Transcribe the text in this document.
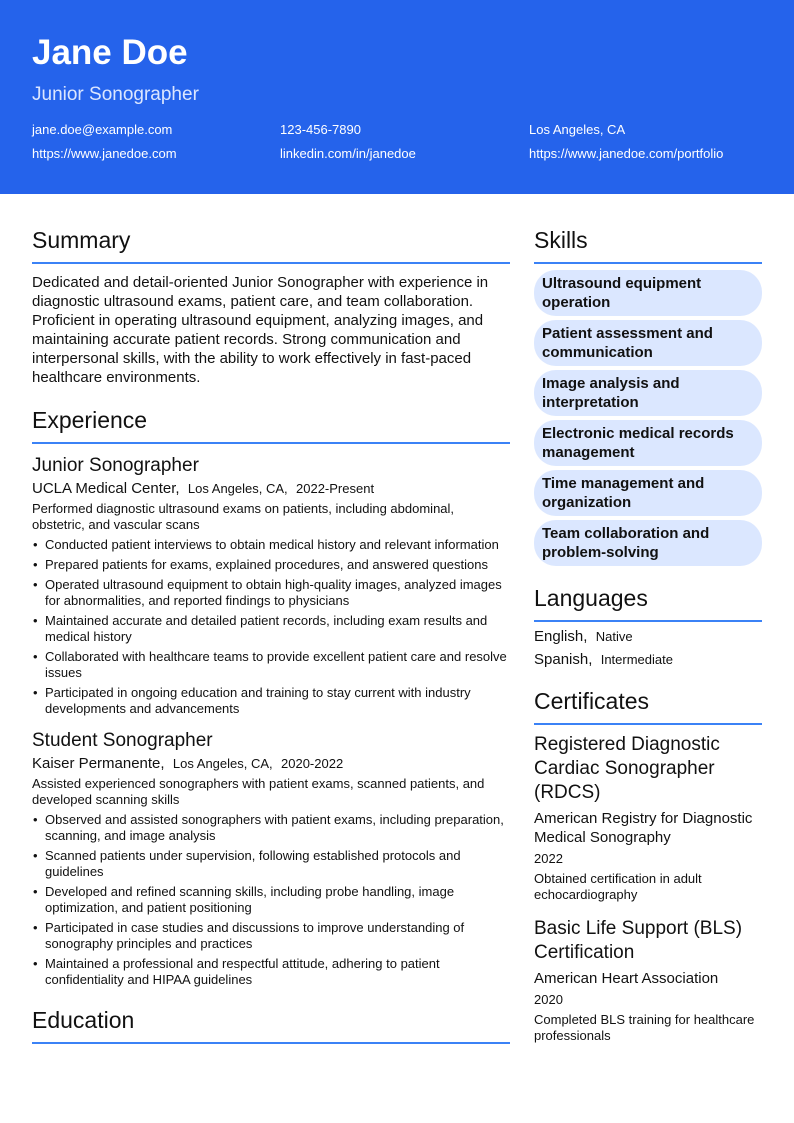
Jane Doe
Junior Sonographer
jane.doe@example.com	123-456-7890	Los Angeles, CA
https://www.janedoe.com	linkedin.com/in/janedoe	https://www.janedoe.com/portfolio
Summary
Dedicated and detail-oriented Junior Sonographer with experience in diagnostic ultrasound exams, patient care, and team collaboration. Proficient in operating ultrasound equipment, analyzing images, and maintaining accurate patient records. Strong communication and interpersonal skills, with the ability to work effectively in fast-paced healthcare environments.
Experience
Junior Sonographer
UCLA Medical Center, Los Angeles, CA, 2022-Present
Performed diagnostic ultrasound exams on patients, including abdominal, obstetric, and vascular scans
• Conducted patient interviews to obtain medical history and relevant information
• Prepared patients for exams, explained procedures, and answered questions
• Operated ultrasound equipment to obtain high-quality images, analyzed images for abnormalities, and reported findings to physicians
• Maintained accurate and detailed patient records, including exam results and medical history
• Collaborated with healthcare teams to provide excellent patient care and resolve issues
• Participated in ongoing education and training to stay current with industry developments and advancements
Student Sonographer
Kaiser Permanente, Los Angeles, CA, 2020-2022
Assisted experienced sonographers with patient exams, scanned patients, and developed scanning skills
• Observed and assisted sonographers with patient exams, including preparation, scanning, and image analysis
• Scanned patients under supervision, following established protocols and guidelines
• Developed and refined scanning skills, including probe handling, image optimization, and patient positioning
• Participated in case studies and discussions to improve understanding of sonography principles and practices
• Maintained a professional and respectful attitude, adhering to patient confidentiality and HIPAA guidelines
Education
Skills
Ultrasound equipment operation
Patient assessment and communication
Image analysis and interpretation
Electronic medical records management
Time management and organization
Team collaboration and problem-solving
Languages
English, Native
Spanish, Intermediate
Certificates
Registered Diagnostic Cardiac Sonographer (RDCS)
American Registry for Diagnostic Medical Sonography
2022
Obtained certification in adult echocardiography
Basic Life Support (BLS) Certification
American Heart Association
2020
Completed BLS training for healthcare professionals
